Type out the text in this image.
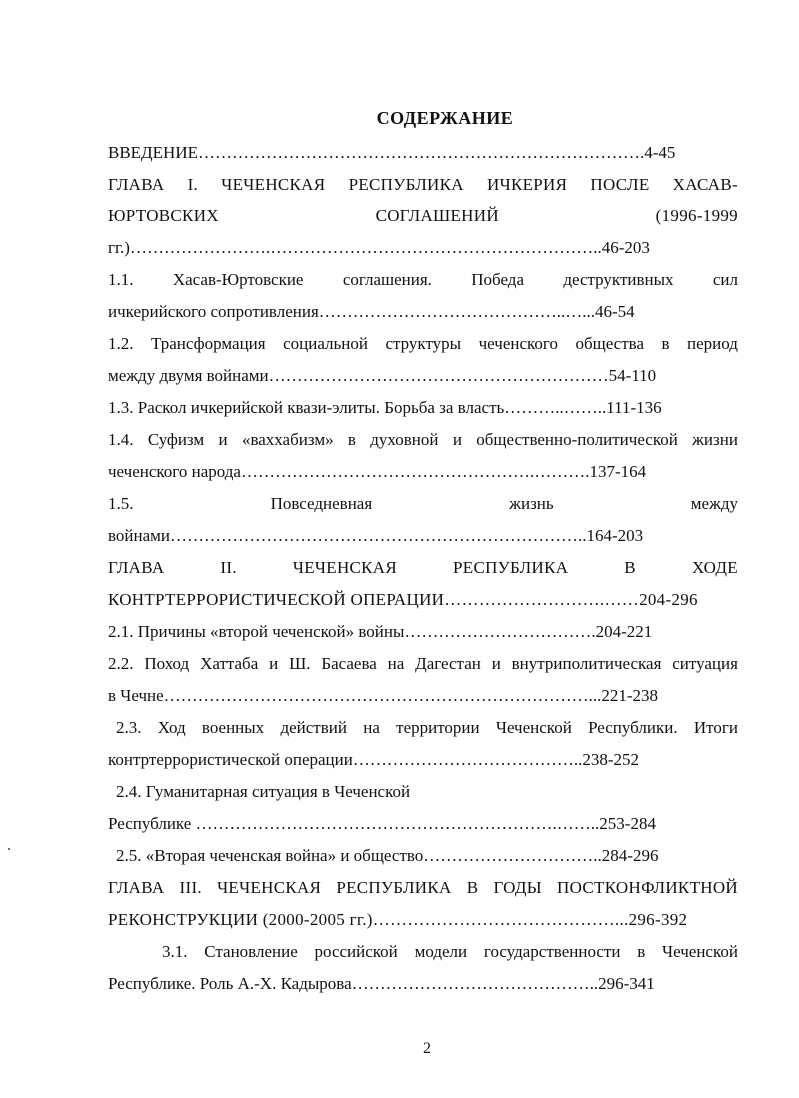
СОДЕРЖАНИЕ
ВВЕДЕНИЕ…………………………………………………………………….4-45
ГЛАВА I. ЧЕЧЕНСКАЯ РЕСПУБЛИКА ИЧКЕРИЯ ПОСЛЕ ХАСАВ-
ЮРТОВСКИХ	СОГЛАШЕНИЙ	(1996-1999
гг.)…………………….…………………………………………………..46-203
1.1. Хасав-Юртовские соглашения. Победа деструктивных сил
ичкерийского сопротивления……………………………………..…...46-54
1.2. Трансформация социальной структуры чеченского общества в период
между двумя войнами……………………………………………………54-110
1.3. Раскол ичкерийской квази-элиты. Борьба за власть………..……..111-136
1.4. Суфизм и «ваххабизм» в духовной и общественно-политической жизни
чеченского народа…………………………………………….……….137-164
1.5.	Повседневная	жизнь	между
войнами………………………………………………………………..164-203
ГЛАВА	II.	ЧЕЧЕНСКАЯ	РЕСПУБЛИКА	В	ХОДЕ
КОНТРТЕРРОРИСТИЧЕСКОЙ ОПЕРАЦИИ……………………….……204-296
2.1. Причины «второй чеченской» войны…………………………….204-221
2.2. Поход Хаттаба и Ш. Басаева на Дагестан и внутриполитическая ситуация
в Чечне…………………………………………………………………...221-238
2.3. Ход военных действий на территории Чеченской Республики. Итоги
контртеррористической операции…………………………………..238-252
2.4. Гуманитарная ситуация в Чеченской
Республике ……………………………………………………….……..253-284
2.5. «Вторая чеченская война» и общество…………………………..284-296
ГЛАВА III. ЧЕЧЕНСКАЯ РЕСПУБЛИКА В ГОДЫ ПОСТКОНФЛИКТНОЙ
РЕКОНСТРУКЦИИ (2000-2005 гг.)……………………………………...296-392
3.1. Становление российской модели государственности в Чеченской
Республике. Роль А.-Х. Кадырова……………………………………..296-341
2
